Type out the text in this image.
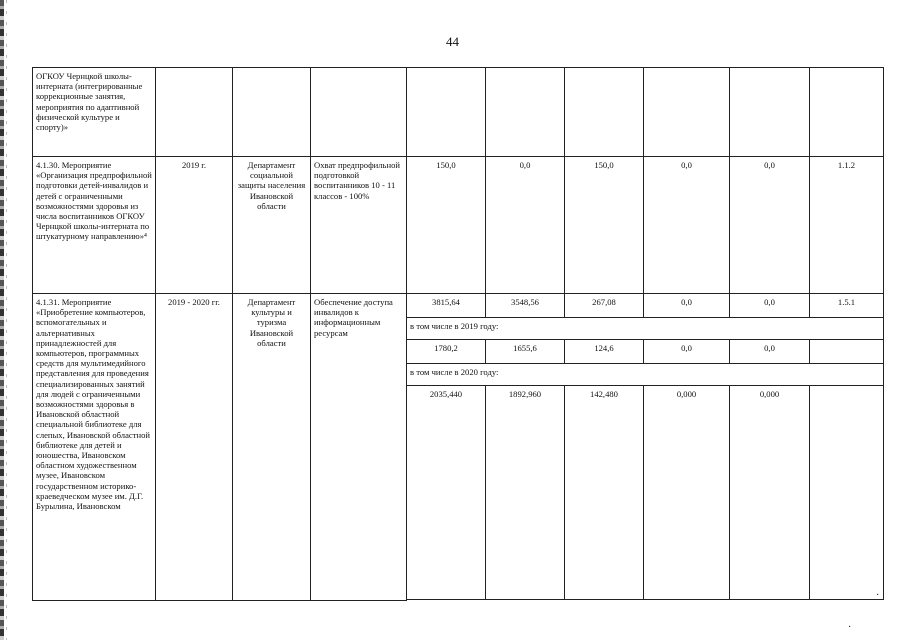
44
ОГКОУ Чернцкой школы-интерната (интегрированные коррекционные занятия, мероприятия по адаптивной физической культуре и спорту)»									
4.1.30. Мероприятие «Организация предпрофильной подготовки детей-инвалидов и детей с ограниченными возможностями здоровья из числа воспитанников ОГКОУ Чернцкой школы-интерната по штукатурному направлению»⁴	2019 г.	Департамент социальной защиты населения Ивановской области	Охват предпрофильной подготовкой воспитанников 10 - 11 классов - 100%	150,0	0,0	150,0	0,0	0,0	1.1.2
4.1.31. Мероприятие «Приобретение компьютеров, вспомогательных и альтернативных принадлежностей для компьютеров, программных средств для мультимедийного представления для проведения специализированных занятий для людей с ограниченными возможностями здоровья в Ивановской областной специальной библиотеке для слепых, Ивановской областной библиотеке для детей и юношества, Ивановском областном художественном музее, Ивановском государственном историко-краеведческом музее им. Д.Г. Бурылина, Ивановском	2019 - 2020 гг.	Департамент культуры и туризма Ивановской области	Обеспечение доступа инвалидов к информационным ресурсам	3815,64	3548,56	267,08	0,0	0,0	1.5.1
				в том числе в 2019 году:					
				1780,2	1655,6	124,6	0,0	0,0	
				в том числе в 2020 году:					
				2035,440	1892,960	142,480	0,000	0,000	

·
·
